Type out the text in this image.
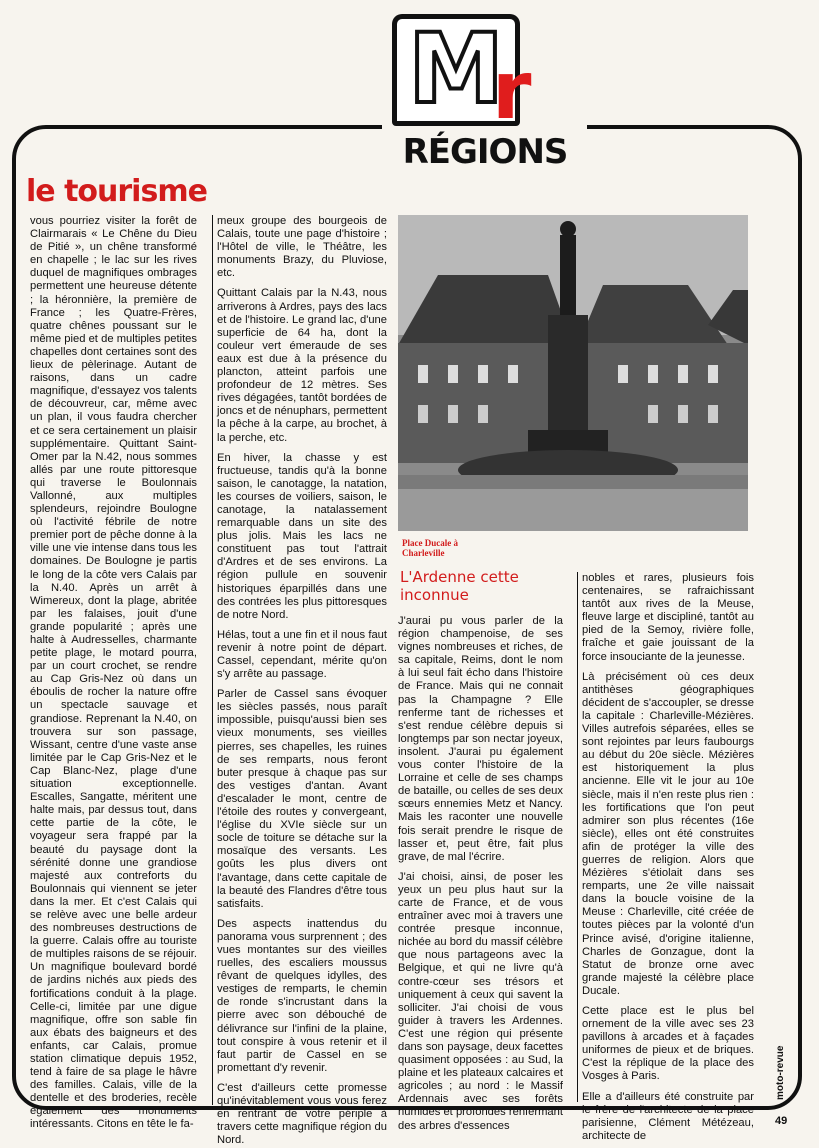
M
r
RÉGIONS
le tourisme

vous pourriez visiter la forêt de Clairmarais « Le Chêne du Dieu de Pitié », un chêne transformé en chapelle ; le lac sur les rives duquel de magnifiques ombrages permettent une heureuse détente ; la héronnière, la première de France ; les Quatre-Frères, quatre chênes poussant sur le même pied et de multiples petites chapelles dont certaines sont des lieux de pèlerinage. Autant de raisons, dans un cadre magnifique, d'essayez vos talents de découvreur, car, même avec un plan, il vous faudra chercher et ce sera certainement un plaisir supplémentaire. Quittant Saint-Omer par la N.42, nous sommes allés par une route pittoresque qui traverse le Boulonnais Vallonné, aux multiples splendeurs, rejoindre Boulogne où l'activité fébrile de notre premier port de pêche donne à la ville une vie intense dans tous les domaines. De Boulogne je partis le long de la côte vers Calais par la N.40. Après un arrêt à Wimereux, dont la plage, abritée par les falaises, jouit d'une grande popularité ; après une halte à Audresselles, charmante petite plage, le motard pourra, par un court crochet, se rendre au Cap Gris-Nez où dans un éboulis de rocher la nature offre un spectacle sauvage et grandiose. Reprenant la N.40, on trouvera sur son passage, Wissant, centre d'une vaste anse limitée par le Cap Gris-Nez et le Cap Blanc-Nez, plage d'une situation exceptionnelle. Escalles, Sangatte, méritent une halte mais, par dessus tout, dans cette partie de la côte, le voyageur sera frappé par la beauté du paysage dont la sérénité donne une grandiose majesté aux contreforts du Boulonnais qui viennent se jeter dans la mer. Et c'est Calais qui se relève avec une belle ardeur des nombreuses destructions de la guerre. Calais offre au touriste de multiples raisons de se réjouir. Un magnifique boulevard bordé de jardins nichés aux pieds des fortifications conduit à la plage. Celle-ci, limitée par une digue magnifique, offre son sable fin aux ébats des baigneurs et des enfants, car Calais, promue station climatique depuis 1952, tend à faire de sa plage le hâvre des familles. Calais, ville de la dentelle et des broderies, recèle également des monuments intéressants. Citons en tête le fa-

meux groupe des bourgeois de Calais, toute une page d'histoire ; l'Hôtel de ville, le Théâtre, les monuments Brazy, du Pluviose, etc.

Quittant Calais par la N.43, nous arriverons à Ardres, pays des lacs et de l'histoire. Le grand lac, d'une superficie de 64 ha, dont la couleur vert émeraude de ses eaux est due à la présence du plancton, atteint parfois une profondeur de 12 mètres. Ses rives dégagées, tantôt bordées de joncs et de nénuphars, permettent la pêche à la carpe, au brochet, à la perche, etc.

En hiver, la chasse y est fructueuse, tandis qu'à la bonne saison, le canotagge, la natation, les courses de voiliers, saison, le canotage, la natalassement remarquable dans un site des plus jolis. Mais les lacs ne constituent pas tout l'attrait d'Ardres et de ses environs. La région pullule en souvenir historiques éparpillés dans une des contrées les plus pittoresques de notre Nord.

Hélas, tout a une fin et il nous faut revenir à notre point de départ. Cassel, cependant, mérite qu'on s'y arrête au passage.

Parler de Cassel sans évoquer les siècles passés, nous paraît impossible, puisqu'aussi bien ses vieux monuments, ses vieilles pierres, ses chapelles, les ruines de ses remparts, nous feront buter presque à chaque pas sur des vestiges d'antan. Avant d'escalader le mont, centre de l'étoile des routes y convergeant, l'église du XVIe siècle sur un socle de toiture se détache sur la mosaïque des versants. Les goûts les plus divers ont l'avantage, dans cette capitale de la beauté des Flandres d'être tous satisfaits.

Des aspects inattendus du panorama vous surprennent ; des vues montantes sur des vieilles ruelles, des escaliers moussus rêvant de quelques idylles, des vestiges de remparts, le chemin de ronde s'incrustant dans la pierre avec son débouché de délivrance sur l'infini de la plaine, tout conspire à vous retenir et il faut partir de Cassel en se promettant d'y revenir.

C'est d'ailleurs cette promesse qu'inévitablement vous vous ferez en rentrant de votre périple à travers cette magnifique région du Nord.

Place Ducale à Charleville
L'Ardenne cette inconnue

J'aurai pu vous parler de la région champenoise, de ses vignes nombreuses et riches, de sa capitale, Reims, dont le nom à lui seul fait écho dans l'histoire de France. Mais qui ne connait pas la Champagne ? Elle renferme tant de richesses et s'est rendue célèbre depuis si longtemps par son nectar joyeux, insolent. J'aurai pu également vous conter l'histoire de la Lorraine et celle de ses champs de bataille, ou celles de ses deux sœurs ennemies Metz et Nancy. Mais les raconter une nouvelle fois serait prendre le risque de lasser et, peut être, fait plus grave, de mal l'écrire.

J'ai choisi, ainsi, de poser les yeux un peu plus haut sur la carte de France, et de vous entraîner avec moi à travers une contrée presque inconnue, nichée au bord du massif célèbre que nous partageons avec la Belgique, et qui ne livre qu'à contre-cœur ses trésors et uniquement à ceux qui savent la solliciter. J'ai choisi de vous guider à travers les Ardennes. C'est une région qui présente dans son paysage, deux facettes quasiment opposées : au Sud, la plaine et les plateaux calcaires et agricoles ; au nord : le Massif Ardennais avec ses forêts humides et profondes renfermant des arbres d'essences

nobles et rares, plusieurs fois centenaires, se rafraichissant tantôt aux rives de la Meuse, fleuve large et discipliné, tantôt au pied de la Semoy, rivière folle, fraîche et gaie jouissant de la force insouciante de la jeunesse.

Là précisément où ces deux antithèses géographiques décident de s'accoupler, se dresse la capitale : Charleville-Mézières. Villes autrefois séparées, elles se sont rejointes par leurs faubourgs au début du 20e siècle. Mézières est historiquement la plus ancienne. Elle vit le jour au 10e siècle, mais il n'en reste plus rien : les fortifications que l'on peut admirer son plus récentes (16e siècle), elles ont été construites afin de protéger la ville des guerres de religion. Alors que Mézières s'étiolait dans ses remparts, une 2e ville naissait dans la boucle voisine de la Meuse : Charleville, cité créée de toutes pièces par la volonté d'un Prince avisé, d'origine italienne, Charles de Gonzague, dont la Statut de bronze orne avec grande majesté la célèbre place Ducale.

Cette place est le plus bel ornement de la ville avec ses 23 pavillons à arcades et à façades uniformes de pieux et de briques. C'est la réplique de la place des Vosges à Paris.

Elle a d'ailleurs été construite par le frère de l'architecte de la place parisienne, Clément Métézeau, architecte de

moto-revue
49
